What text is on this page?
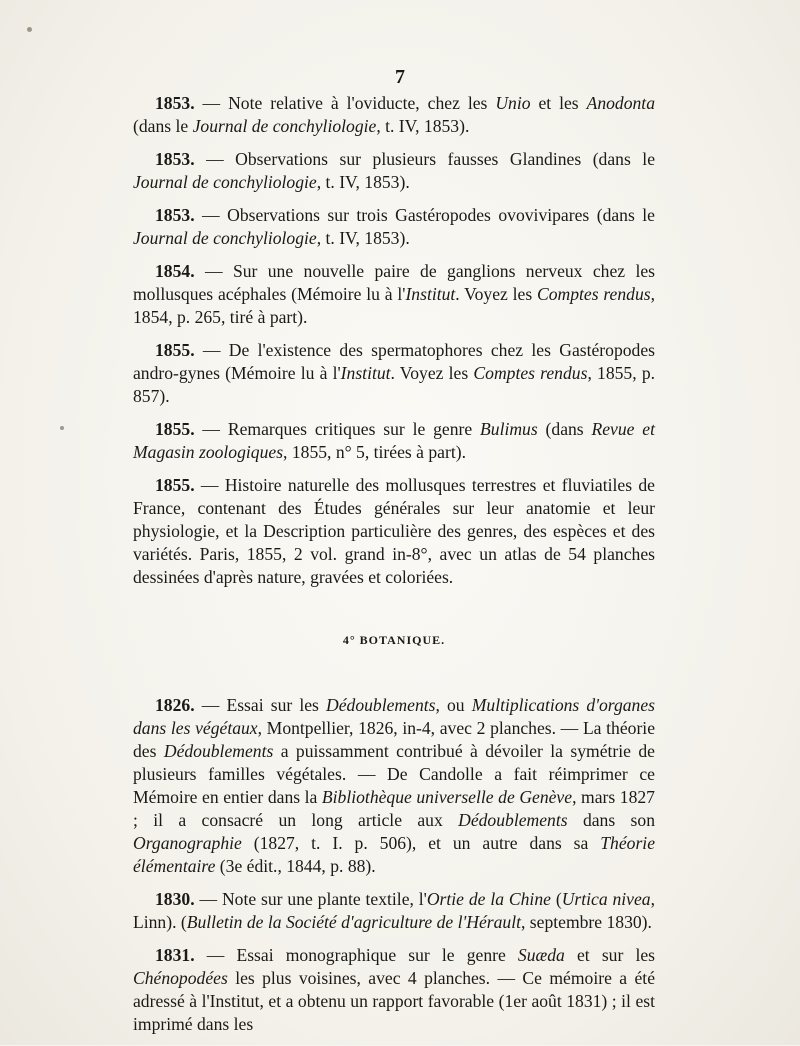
7

1853. — Note relative à l'oviducte, chez les Unio et les Anodonta (dans le Journal de conchyliologie, t. IV, 1853).

1853. — Observations sur plusieurs fausses Glandines (dans le Journal de conchyliologie, t. IV, 1853).

1853. — Observations sur trois Gastéropodes ovovivipares (dans le Journal de conchyliologie, t. IV, 1853).

1854. — Sur une nouvelle paire de ganglions nerveux chez les mollusques acéphales (Mémoire lu à l'Institut. Voyez les Comptes rendus, 1854, p. 265, tiré à part).

1855. — De l'existence des spermatophores chez les Gastéropodes andro-gynes (Mémoire lu à l'Institut. Voyez les Comptes rendus, 1855, p. 857).

1855. — Remarques critiques sur le genre Bulimus (dans Revue et Magasin zoologiques, 1855, n° 5, tirées à part).

1855. — Histoire naturelle des mollusques terrestres et fluviatiles de France, contenant des Études générales sur leur anatomie et leur physiologie, et la Description particulière des genres, des espèces et des variétés. Paris, 1855, 2 vol. grand in-8°, avec un atlas de 54 planches dessinées d'après nature, gravées et coloriées.

4° BOTANIQUE.

1826. — Essai sur les Dédoublements, ou Multiplications d'organes dans les végétaux, Montpellier, 1826, in-4, avec 2 planches. — La théorie des Dédoublements a puissamment contribué à dévoiler la symétrie de plusieurs familles végétales. — De Candolle a fait réimprimer ce Mémoire en entier dans la Bibliothèque universelle de Genève, mars 1827 ; il a consacré un long article aux Dédoublements dans son Organographie (1827, t. I. p. 506), et un autre dans sa Théorie élémentaire (3e édit., 1844, p. 88).

1830. — Note sur une plante textile, l'Ortie de la Chine (Urtica nivea, Linn). (Bulletin de la Société d'agriculture de l'Hérault, septembre 1830).

1831. — Essai monographique sur le genre Suæda et sur les Chénopodées les plus voisines, avec 4 planches. — Ce mémoire a été adressé à l'Institut, et a obtenu un rapport favorable (1er août 1831) ; il est imprimé dans les
